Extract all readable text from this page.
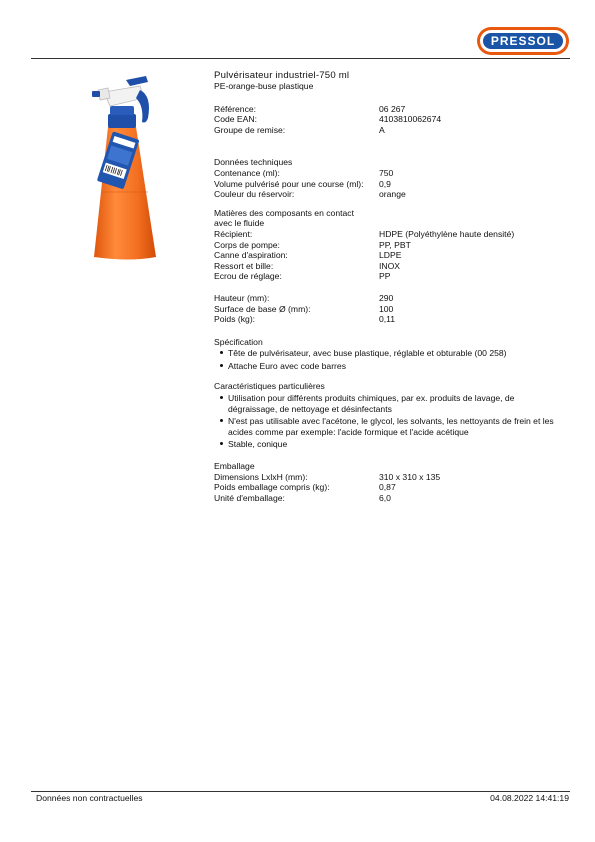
PRESSOL
Pulvérisateur industriel-750 ml
PE-orange-buse plastique
Référence:	06 267
Code EAN:	4103810062674
Groupe de remise:	A
Données techniques
Contenance (ml):	750
Volume pulvérisé pour une course (ml):	0,9
Couleur du réservoir:	orange
Matières des composants en contact avec le fluide
Récipient:	HDPE (Polyéthylène haute densité)
Corps de pompe:	PP, PBT
Canne d'aspiration:	LDPE
Ressort et bille:	INOX
Ecrou de réglage:	PP
Hauteur (mm):	290
Surface de base Ø (mm):	100
Poids (kg):	0,11
Spécification
Tête de pulvérisateur, avec buse plastique, réglable et obturable (00 258)
Attache Euro avec code barres
Caractéristiques particulières
Utilisation pour différents produits chimiques, par ex. produits de lavage, de dégraissage, de nettoyage et désinfectants
N'est pas utilisable avec l'acétone, le glycol, les solvants, les nettoyants de frein et les acides comme par exemple: l'acide formique et l'acide acétique
Stable, conique
Emballage
Dimensions LxlxH (mm):	310 x 310 x 135
Poids emballage compris (kg):	0,87
Unité d'emballage:	6,0
Données non contractuelles	04.08.2022 14:41:19
